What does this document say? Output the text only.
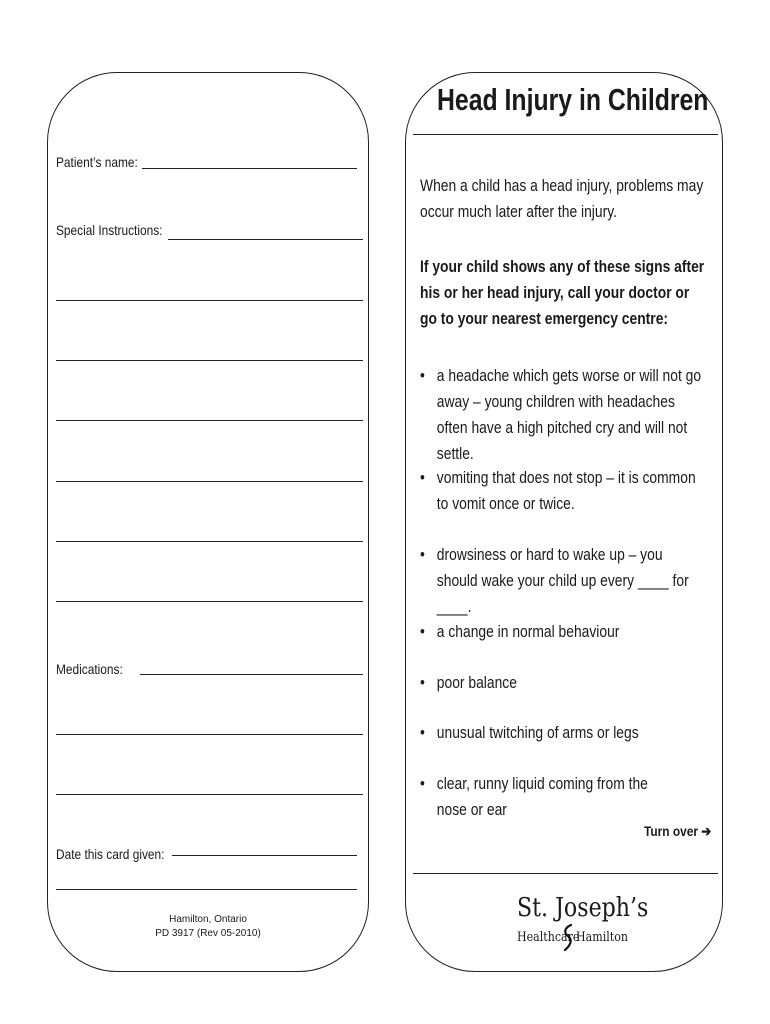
Patient’s name:
Special Instructions:
Medications:
Date this card given:
Hamilton, Ontario
PD 3917 (Rev 05-2010)
Head Injury in Children
When a child has a head injury, problems may occur much later after the injury.
If your child shows any of these signs after his or her head injury, call your doctor or go to your nearest emergency centre:
• a headache which gets worse or will not go away – young children with headaches often have a high pitched cry and will not settle.
• vomiting that does not stop – it is common to vomit once or twice.
• drowsiness or hard to wake up – you should wake your child up every ____ for ____.
• a change in normal behaviour
• poor balance
• unusual twitching of arms or legs
• clear, runny liquid coming from the nose or ear
Turn over ➔
St. Joseph’s
Healthcare
Hamilton
